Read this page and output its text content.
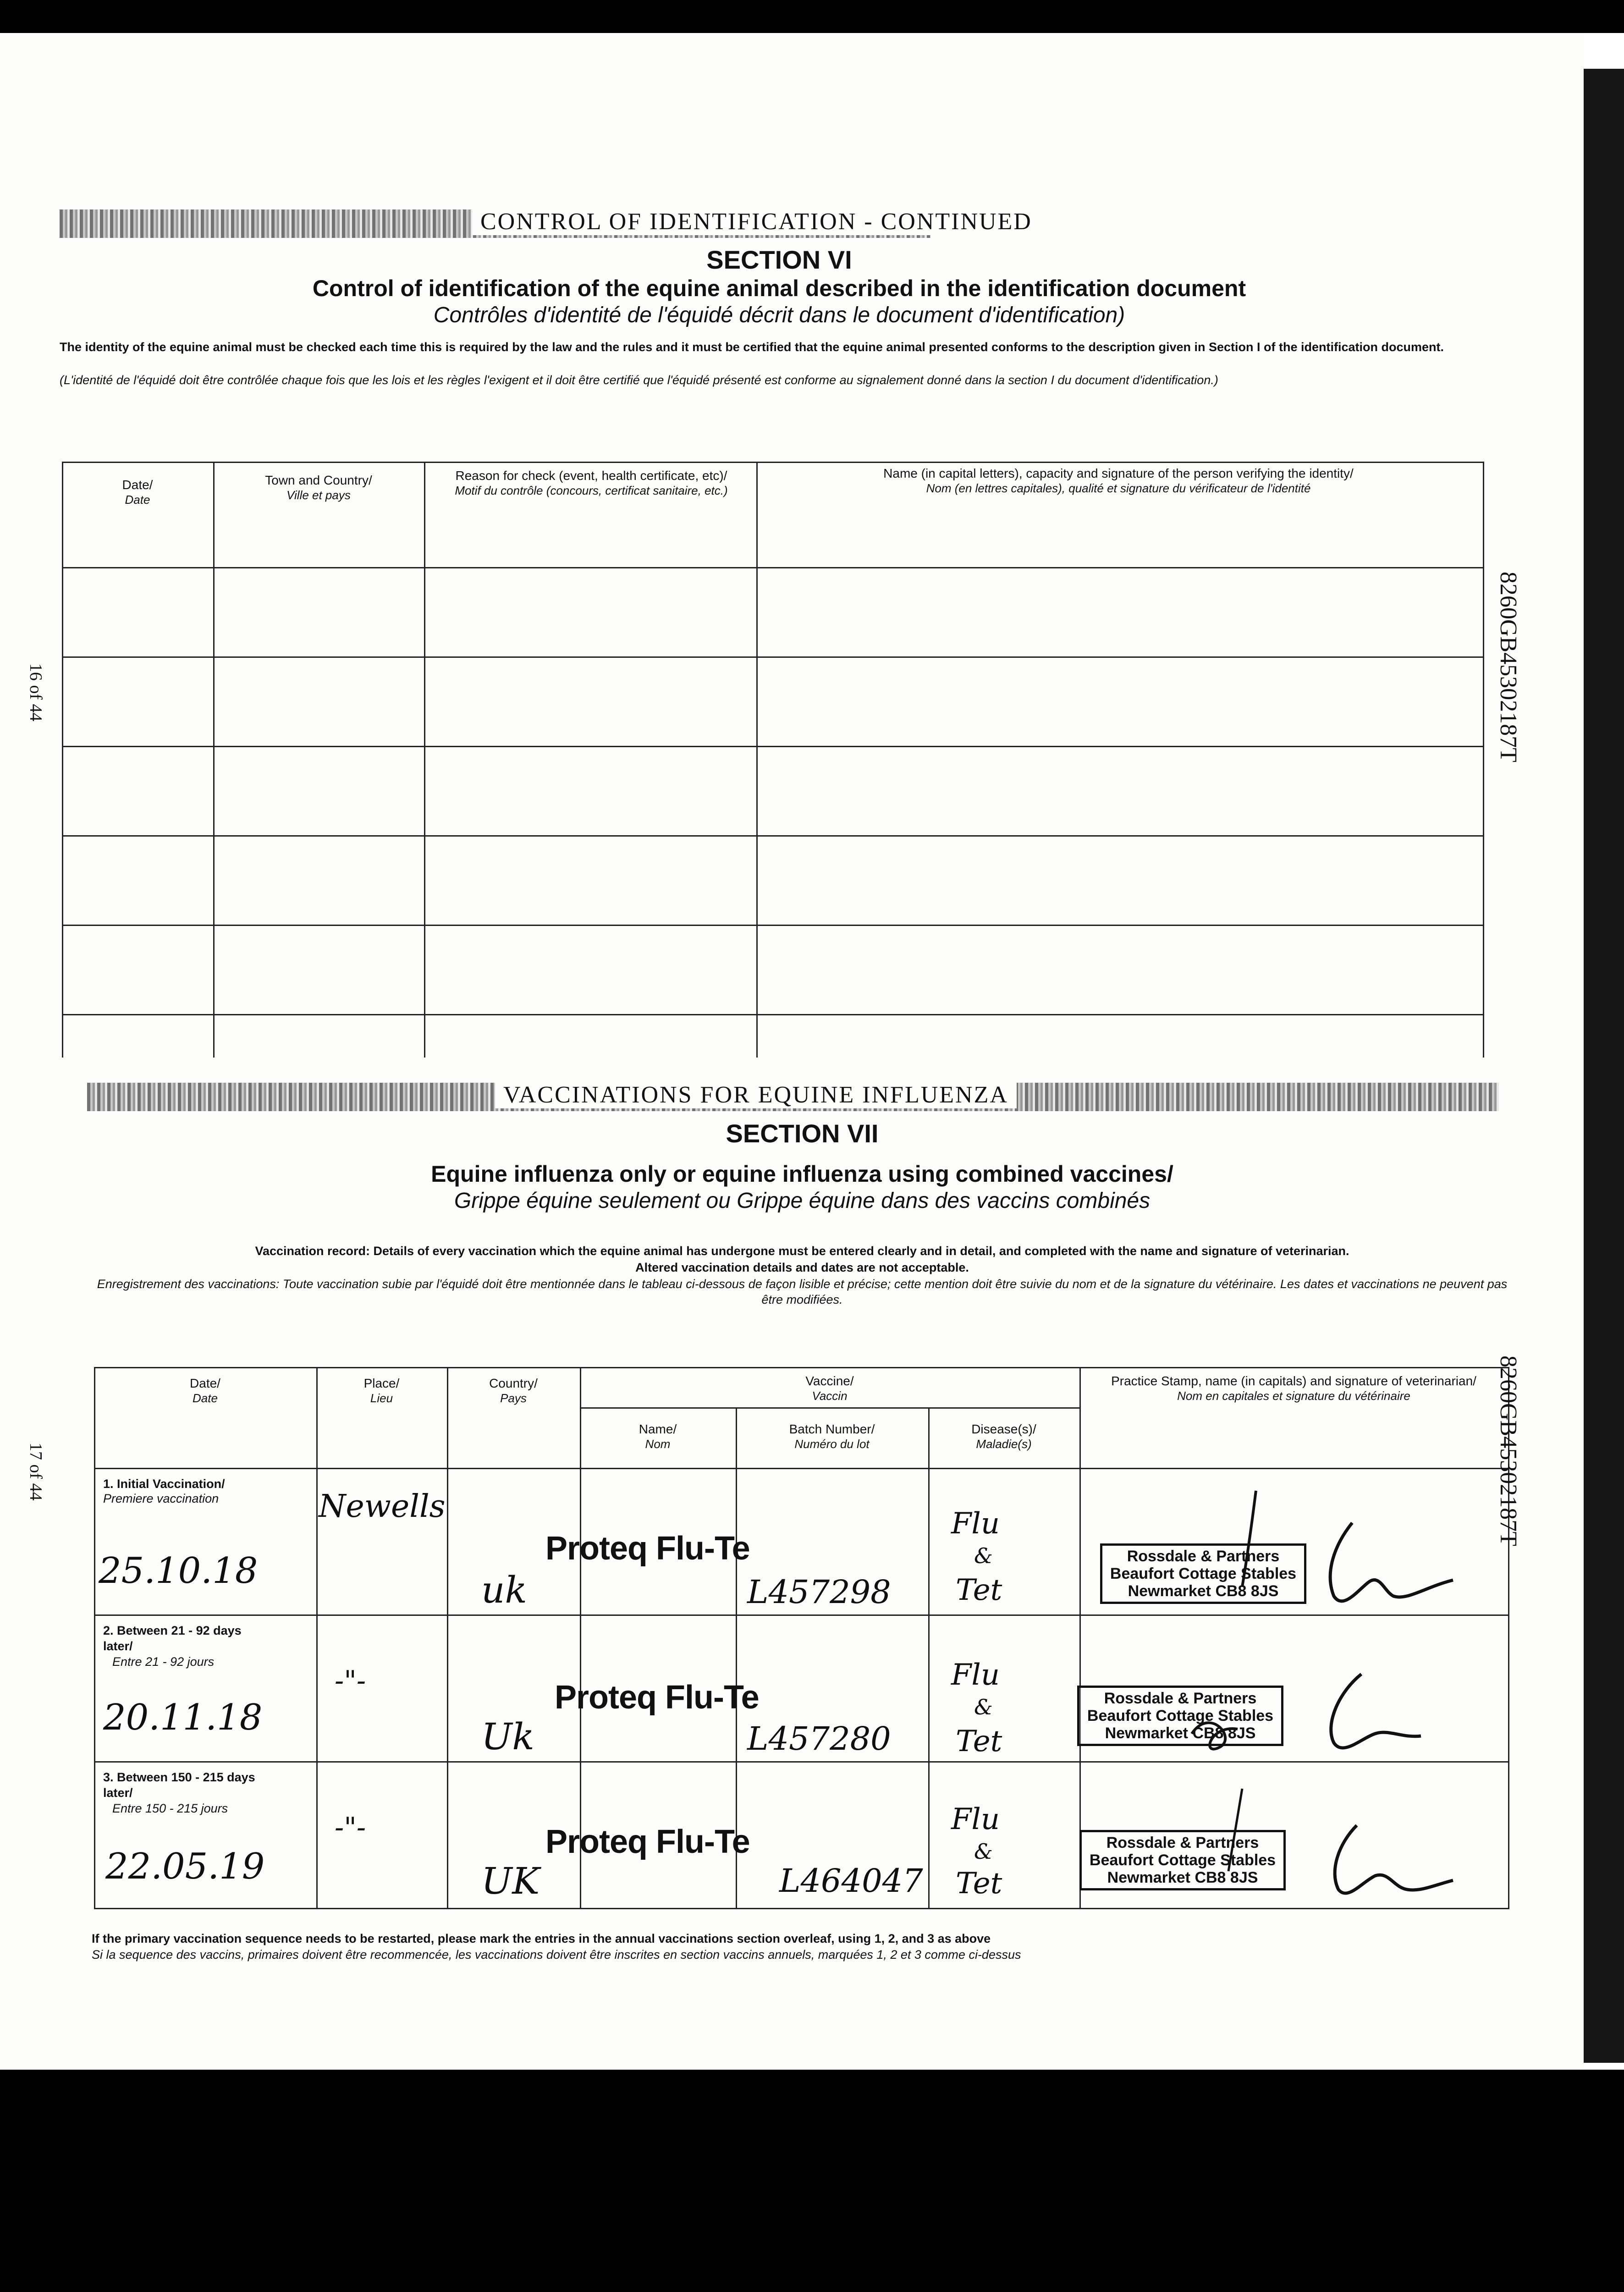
CONTROL OF IDENTIFICATION - CONTINUED
SECTION VI
Control of identification of the equine animal described in the identification document
Contrôles d'identité de l'équidé décrit dans le document d'identification)
The identity of the equine animal must be checked each time this is required by the law and the rules and it must be certified that the equine animal presented conforms to the description given in Section I of the identification document.
(L'identité de l'équidé doit être contrôlée chaque fois que les lois et les règles l'exigent et il doit être certifié que l'équidé présenté est conforme au signalement donné dans la section I du document d'identification.)
Date/
Date
Town and Country/
Ville et pays
Reason for check (event, health certificate, etc)/
Motif du contrôle (concours, certificat sanitaire, etc.)
Name (in capital letters), capacity and signature of the person verifying the identity/
Nom (en lettres capitales), qualité et signature du vérificateur de l'identité
VACCINATIONS FOR EQUINE INFLUENZA
SECTION VII
Equine influenza only or equine influenza using combined vaccines/
Grippe équine seulement ou Grippe équine dans des vaccins combinés
Vaccination record: Details of every vaccination which the equine animal has undergone must be entered clearly and in detail, and completed with the name and signature of veterinarian.
Altered vaccination details and dates are not acceptable.
Enregistrement des vaccinations: Toute vaccination subie par l'équidé doit être mentionnée dans le tableau ci-dessous de façon lisible et précise; cette mention doit être suivie du nom et de la signature du vétérinaire. Les dates et vaccinations ne peuvent pas être modifiées.
Date/
Date
Place/
Lieu
Country/
Pays
Vaccine/
Vaccin
Name/
Nom
Batch Number/
Numéro du lot
Disease(s)/
Maladie(s)
Practice Stamp, name (in capitals) and signature of veterinarian/
Nom en capitales et signature du vétérinaire
1. Initial Vaccination/
Premiere vaccination
25.10.18
Newells
uk
Proteq Flu-Te
L457298
Flu
&
Tet
Rossdale & Partners
Beaufort Cottage Stables
Newmarket CB8 8JS
2. Between 21 - 92 days later/
Entre 21 - 92 jours
20.11.18
-"-
Uk
Proteq Flu-Te
L457280
Flu
&
Tet
Rossdale & Partners
Beaufort Cottage Stables
Newmarket CB8 8JS
3. Between 150 - 215 days later/
Entre 150 - 215 jours
22.05.19
-"-
UK
Proteq Flu-Te
L464047
Flu
&
Tet
Rossdale & Partners
Beaufort Cottage Stables
Newmarket CB8 8JS
If the primary vaccination sequence needs to be restarted, please mark the entries in the annual vaccinations section overleaf, using 1, 2, and 3 as above
Si la sequence des vaccins, primaires doivent être recommencée, les vaccinations doivent être inscrites en section vaccins annuels, marquées 1, 2 et 3 comme ci-dessus
8260GB45302187T
8260GB45302187T
16 of 44
17 of 44
